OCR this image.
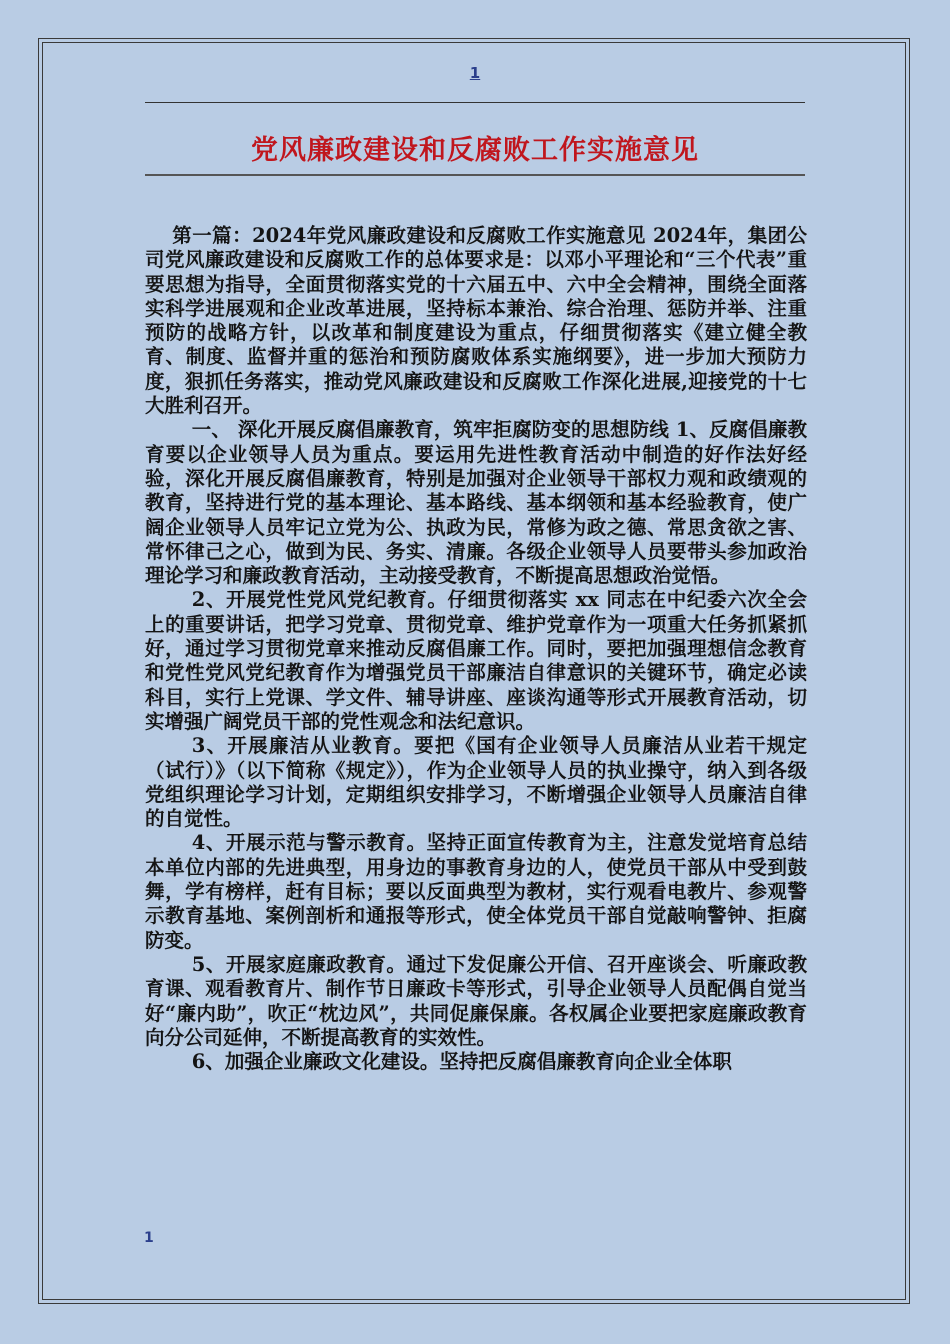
1
党风廉政建设和反腐败工作实施意见

第一篇：2024年党风廉政建设和反腐败工作实施意见 2024年，集团公司党风廉政建设和反腐败工作的总体要求是：以邓小平理论和“三个代表”重要思想为指导，全面贯彻落实党的十六届五中、六中全会精神，围绕全面落实科学进展观和企业改革进展，坚持标本兼治、综合治理、惩防并举、注重预防的战略方针，以改革和制度建设为重点，仔细贯彻落实《建立健全教育、制度、监督并重的惩治和预防腐败体系实施纲要》，进一步加大预防力度，狠抓任务落实，推动党风廉政建设和反腐败工作深化进展,迎接党的十七大胜利召开。

一、 深化开展反腐倡廉教育，筑牢拒腐防变的思想防线 1、反腐倡廉教育要以企业领导人员为重点。要运用先进性教育活动中制造的好作法好经验，深化开展反腐倡廉教育，特别是加强对企业领导干部权力观和政绩观的教育，坚持进行党的基本理论、基本路线、基本纲领和基本经验教育，使广阔企业领导人员牢记立党为公、执政为民，常修为政之德、常思贪欲之害、常怀律己之心，做到为民、务实、清廉。各级企业领导人员要带头参加政治理论学习和廉政教育活动，主动接受教育，不断提高思想政治觉悟。

2、开展党性党风党纪教育。仔细贯彻落实 xx 同志在中纪委六次全会上的重要讲话，把学习党章、贯彻党章、维护党章作为一项重大任务抓紧抓好，通过学习贯彻党章来推动反腐倡廉工作。同时，要把加强理想信念教育和党性党风党纪教育作为增强党员干部廉洁自律意识的关键环节，确定必读科目，实行上党课、学文件、辅导讲座、座谈沟通等形式开展教育活动，切实增强广阔党员干部的党性观念和法纪意识。

3、开展廉洁从业教育。要把《国有企业领导人员廉洁从业若干规定（试行）》（以下简称《规定》），作为企业领导人员的执业操守，纳入到各级党组织理论学习计划，定期组织安排学习，不断增强企业领导人员廉洁自律的自觉性。

4、开展示范与警示教育。坚持正面宣传教育为主，注意发觉培育总结本单位内部的先进典型，用身边的事教育身边的人，使党员干部从中受到鼓舞，学有榜样，赶有目标；要以反面典型为教材，实行观看电教片、参观警示教育基地、案例剖析和通报等形式，使全体党员干部自觉敲响警钟、拒腐防变。

5、开展家庭廉政教育。通过下发促廉公开信、召开座谈会、听廉政教育课、观看教育片、制作节日廉政卡等形式，引导企业领导人员配偶自觉当好“廉内助”，吹正“枕边风”，共同促廉保廉。各权属企业要把家庭廉政教育向分公司延伸，不断提高教育的实效性。

6、加强企业廉政文化建设。坚持把反腐倡廉教育向企业全体职

1
